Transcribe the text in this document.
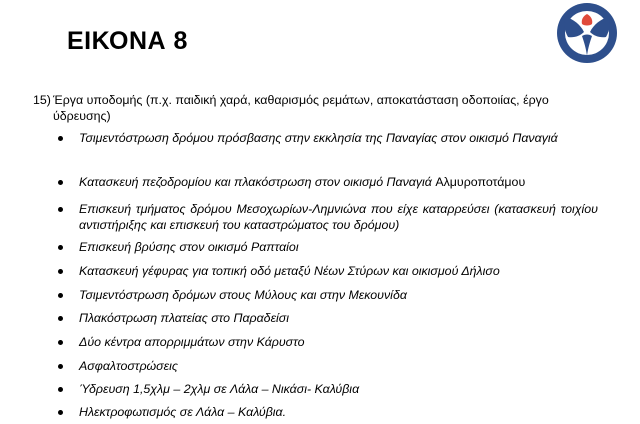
ΕΙΚΟΝΑ 8
15) Έργα υποδομής (π.χ. παιδική χαρά, καθαρισμός ρεμάτων, αποκατάσταση οδοποιίας, έργο ύδρευσης)
Τσιμεντόστρωση δρόμου πρόσβασης στην εκκλησία της Παναγίας στον οικισμό Παναγιά
Κατασκευή πεζοδρομίου και πλακόστρωση στον οικισμό Παναγιά Αλμυροποτάμου
Επισκευή τμήματος δρόμου Μεσοχωρίων-Λημνιώνα που είχε καταρρεύσει (κατασκευή τοιχίου αντιστήριξης και επισκευή του καταστρώματος του δρόμου)
Επισκευή βρύσης στον οικισμό Ραπταίοι
Κατασκευή γέφυρας για τοπική οδό μεταξύ Νέων Στύρων και οικισμού Δήλισο
Τσιμεντόστρωση δρόμων στους Μύλους και στην Μεκουνίδα
Πλακόστρωση πλατείας στο Παραδείσι
Δύο κέντρα απορριμμάτων στην Κάρυστο
Ασφαλτοστρώσεις
Ύδρευση 1,5χλμ – 2χλμ σε Λάλα – Νικάσι- Καλύβια
Ηλεκτροφωτισμός σε Λάλα – Καλύβια.
